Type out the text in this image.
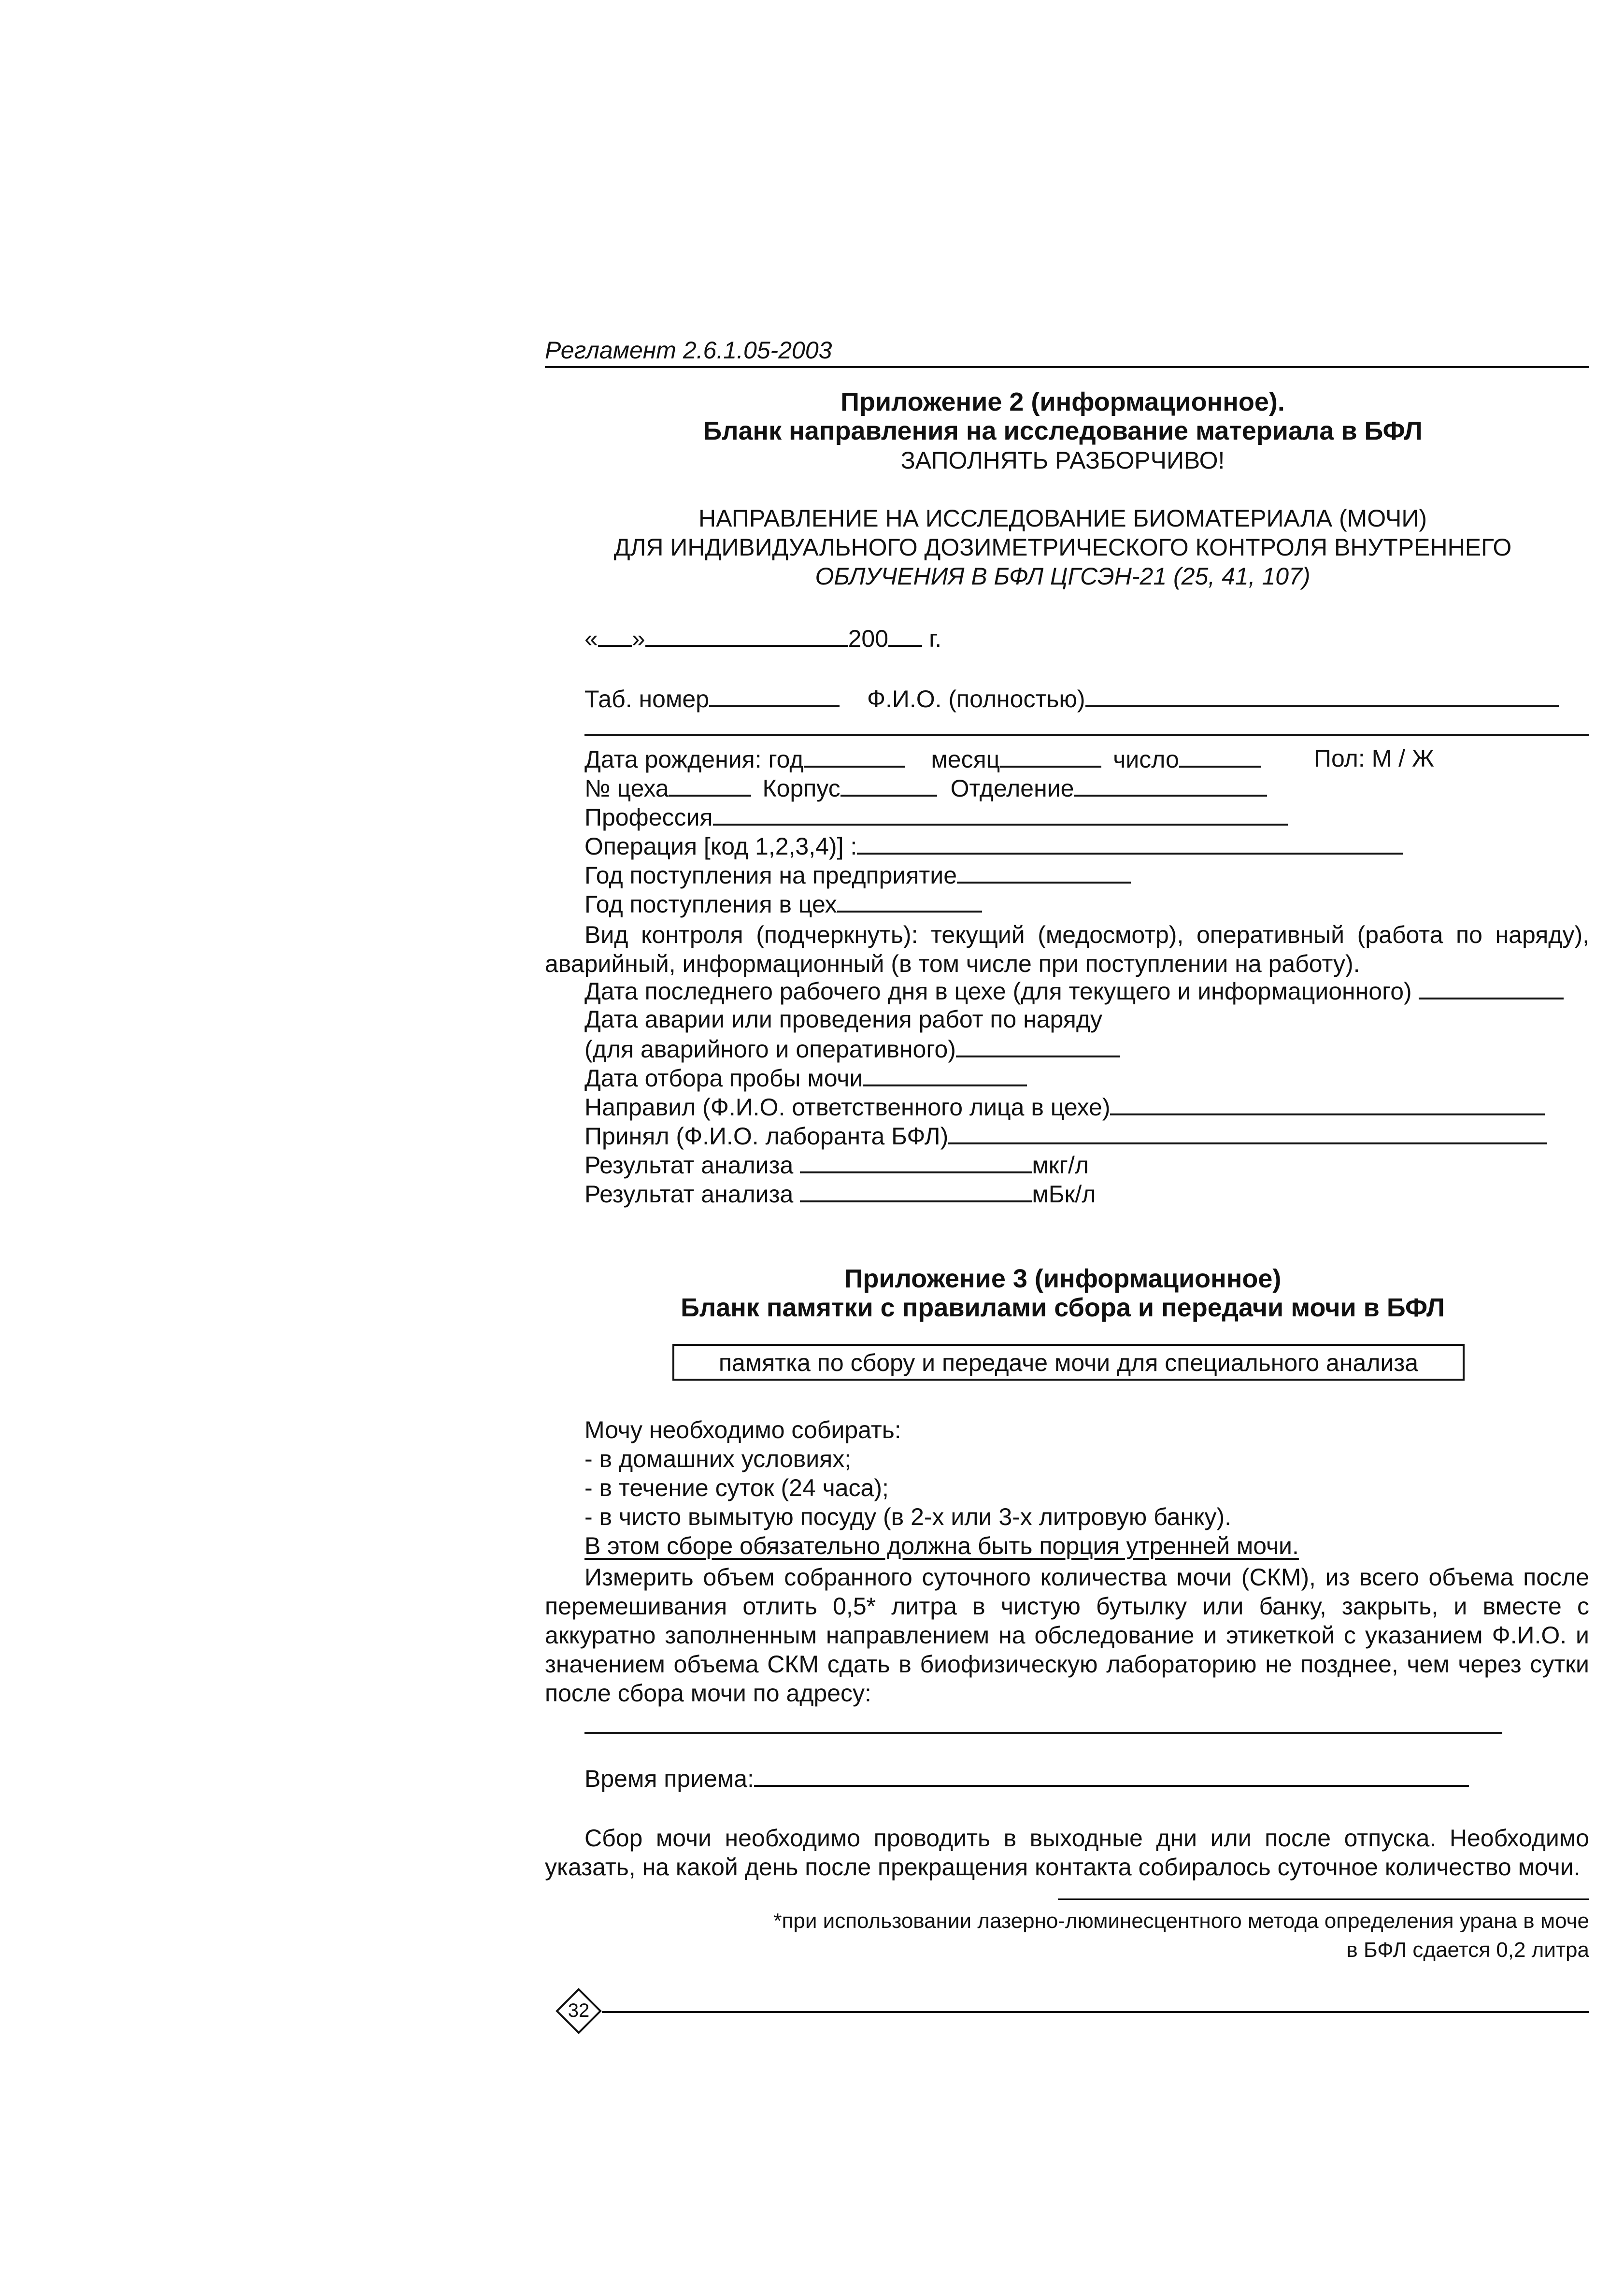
Регламент 2.6.1.05-2003
Приложение 2 (информационное).
Бланк направления на исследование материала в БФЛ
ЗАПОЛНЯТЬ РАЗБОРЧИВО!
НАПРАВЛЕНИЕ НА ИССЛЕДОВАНИЕ БИОМАТЕРИАЛА (МОЧИ)
ДЛЯ ИНДИВИДУАЛЬНОГО ДОЗИМЕТРИЧЕСКОГО КОНТРОЛЯ ВНУТРЕННЕГО
ОБЛУЧЕНИЯ В БФЛ ЦГСЭН-21 (25, 41, 107)
« »	200 г.
Таб. номер	Ф.И.О. (полностью)
Дата рождения: год	месяц	число	Пол: М / Ж
№ цеха	Корпус	Отделение
Профессия
Операция [код 1,2,3,4)] :
Год поступления на предприятие
Год поступления в цех
Вид контроля (подчеркнуть): текущий (медосмотр), оперативный (работа по наряду), аварийный, информационный (в том числе при поступлении на работу).
Дата последнего рабочего дня в цехе (для текущего и информационного)
Дата аварии или проведения работ по наряду
(для аварийного и оперативного)
Дата отбора пробы мочи
Направил (Ф.И.О. ответственного лица в цехе)
Принял (Ф.И.О. лаборанта БФЛ)
Результат анализа	мкг/л
Результат анализа	мБк/л
Приложение 3 (информационное)
Бланк памятки с правилами сбора и передачи мочи в БФЛ
памятка по сбору и передаче мочи для специального анализа
Мочу необходимо собирать:
- в домашних условиях;
- в течение суток (24 часа);
- в чисто вымытую посуду (в 2-х или 3-х литровую банку).
В этом сборе обязательно должна быть порция утренней мочи.
Измерить объем собранного суточного количества мочи (СКМ), из всего объема после перемешивания отлить 0,5* литра в чистую бутылку или банку, закрыть, и вместе с аккуратно заполненным направлением на обследование и этикеткой с указанием Ф.И.О. и значением объема СКМ сдать в биофизическую лабораторию не позднее, чем через сутки после сбора мочи по адресу:
Время приема:
Сбор мочи необходимо проводить в выходные дни или после отпуска. Необходимо указать, на какой день после прекращения контакта собиралось суточное количество мочи.
*при использовании лазерно-люминесцентного метода определения урана в моче
в БФЛ сдается 0,2 литра
32
